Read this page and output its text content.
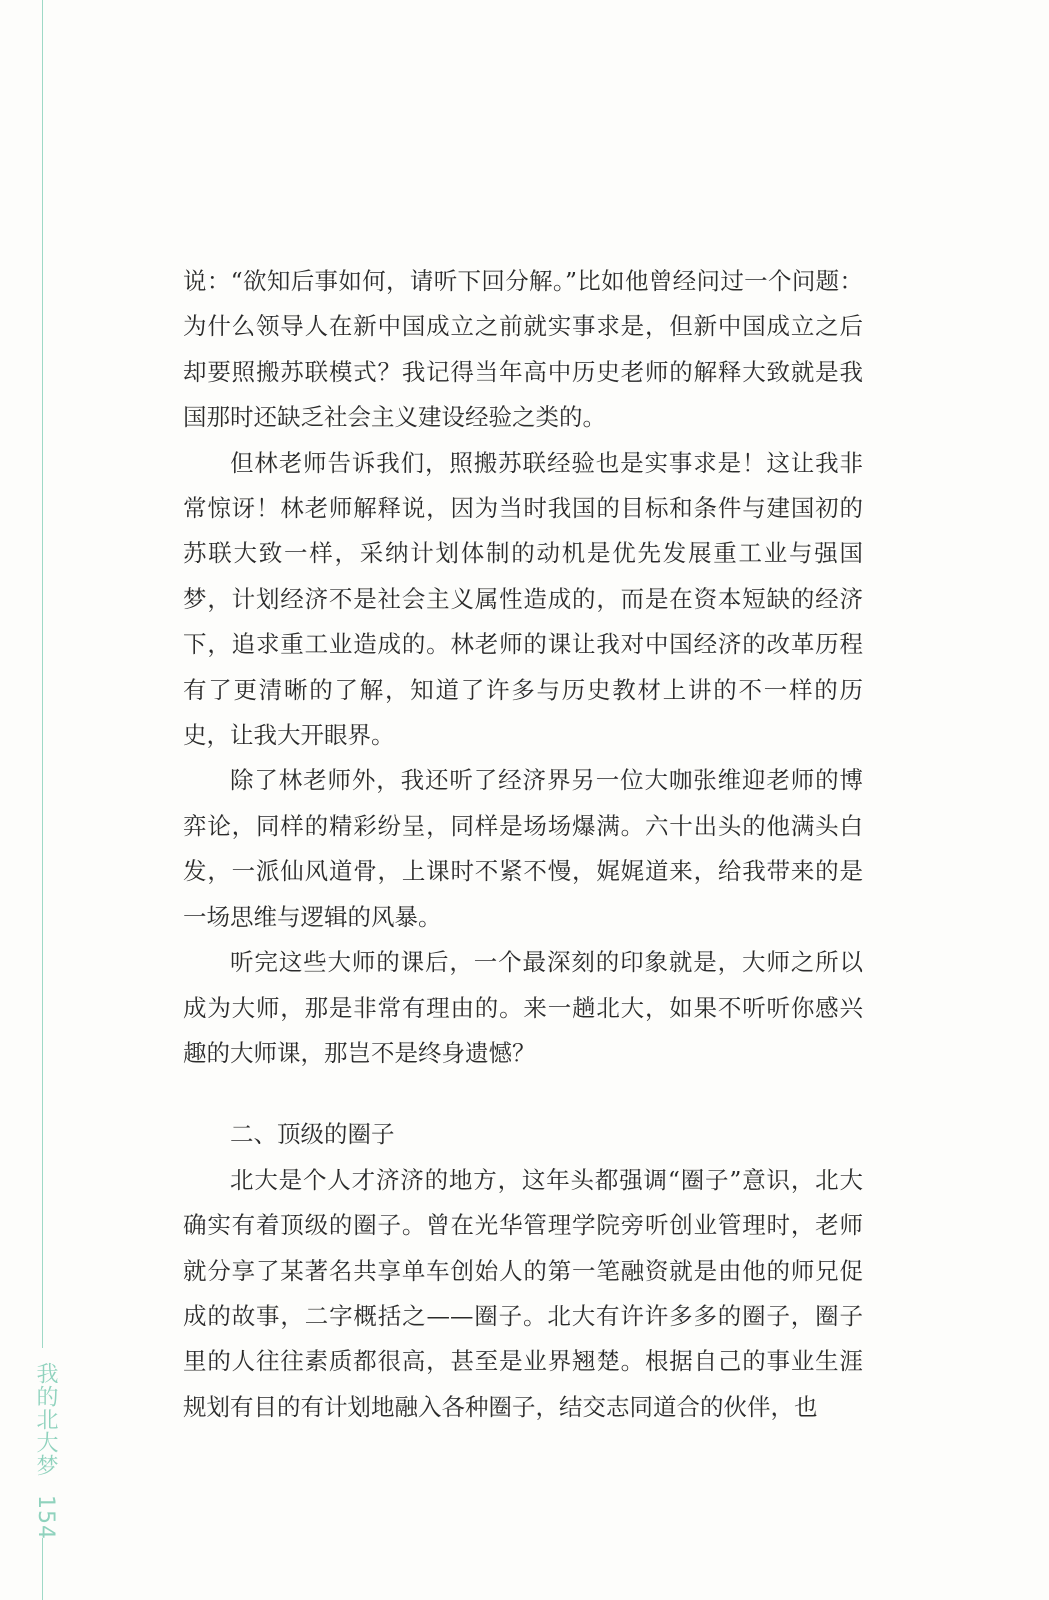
我的北大梦 154

说：“欲知后事如何，请听下回分解。”比如他曾经问过一个问题：为什么领导人在新中国成立之前就实事求是，但新中国成立之后却要照搬苏联模式？我记得当年高中历史老师的解释大致就是我国那时还缺乏社会主义建设经验之类的。

但林老师告诉我们，照搬苏联经验也是实事求是！这让我非常惊讶！林老师解释说，因为当时我国的目标和条件与建国初的苏联大致一样，采纳计划体制的动机是优先发展重工业与强国梦，计划经济不是社会主义属性造成的，而是在资本短缺的经济下，追求重工业造成的。林老师的课让我对中国经济的改革历程有了更清晰的了解，知道了许多与历史教材上讲的不一样的历史，让我大开眼界。

除了林老师外，我还听了经济界另一位大咖张维迎老师的博弈论，同样的精彩纷呈，同样是场场爆满。六十出头的他满头白发，一派仙风道骨，上课时不紧不慢，娓娓道来，给我带来的是一场思维与逻辑的风暴。

听完这些大师的课后，一个最深刻的印象就是，大师之所以成为大师，那是非常有理由的。来一趟北大，如果不听听你感兴趣的大师课，那岂不是终身遗憾？

二、顶级的圈子

北大是个人才济济的地方，这年头都强调“圈子”意识，北大确实有着顶级的圈子。曾在光华管理学院旁听创业管理时，老师就分享了某著名共享单车创始人的第一笔融资就是由他的师兄促成的故事，二字概括之——圈子。北大有许许多多的圈子，圈子里的人往往素质都很高，甚至是业界翘楚。根据自己的事业生涯规划有目的有计划地融入各种圈子，结交志同道合的伙伴，也
